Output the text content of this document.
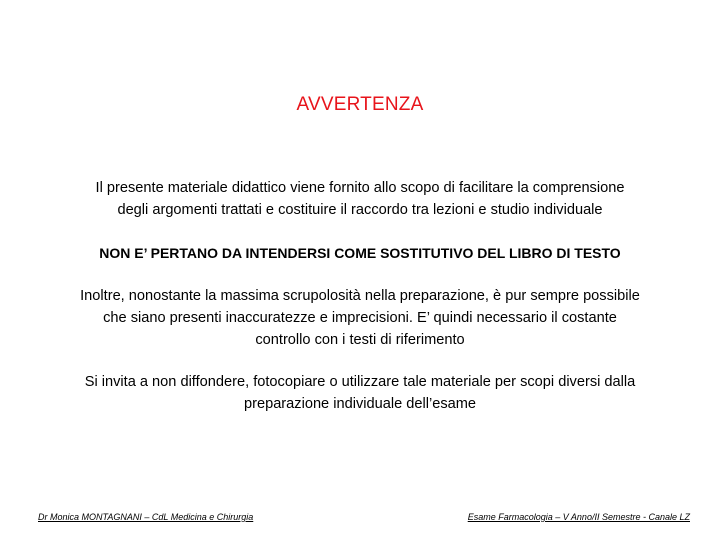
AVVERTENZA
Il presente materiale didattico viene fornito allo scopo di facilitare la comprensione
degli argomenti trattati e costituire il raccordo tra lezioni e studio individuale
NON E’ PERTANO DA INTENDERSI COME SOSTITUTIVO DEL LIBRO DI TESTO
Inoltre, nonostante la massima scrupolosità nella preparazione, è pur sempre possibile
che siano presenti inaccuratezze e imprecisioni. E’ quindi necessario il costante
controllo con i testi di riferimento
Si invita a non diffondere, fotocopiare o utilizzare tale materiale per scopi diversi dalla
preparazione individuale dell’esame
Dr Monica MONTAGNANI – CdL Medicina e Chirurgia	Esame Farmacologia – V Anno/II Semestre - Canale LZ
